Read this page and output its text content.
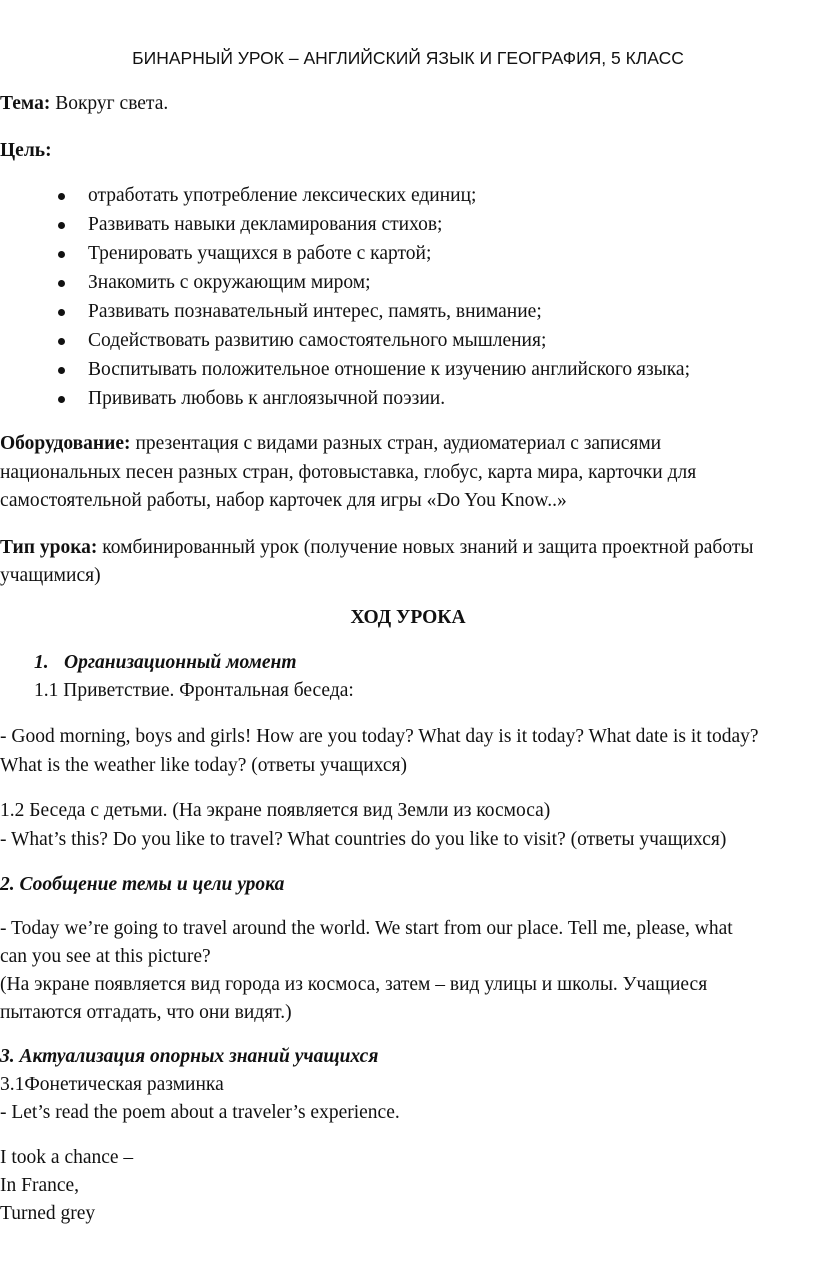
БИНАРНЫЙ УРОК – АНГЛИЙСКИЙ ЯЗЫК И ГЕОГРАФИЯ, 5 КЛАСС
Тема: Вокруг света.
Цель:
отработать употребление лексических единиц;
Развивать навыки декламирования стихов;
Тренировать учащихся в работе с картой;
Знакомить с окружающим миром;
Развивать познавательный интерес, память, внимание;
Содействовать развитию самостоятельного мышления;
Воспитывать положительное отношение к изучению английского языка;
Прививать любовь к англоязычной поэзии.
Оборудование: презентация с видами разных стран, аудиоматериал с записями
национальных песен разных стран, фотовыставка, глобус, карта мира, карточки для
самостоятельной работы, набор карточек для игры «Do You Know..»
Тип урока: комбинированный урок (получение новых знаний и защита проектной работы
учащимися)
ХОД УРОКА
1. Организационный момент
1.1 Приветствие. Фронтальная беседа:
- Good morning, boys and girls! How are you today? What day is it today? What date is it today?
What is the weather like today? (ответы учащихся)
1.2 Беседа с детьми. (На экране появляется вид Земли из космоса)
- What’s this? Do you like to travel? What countries do you like to visit? (ответы учащихся)
2. Сообщение темы и цели урока
- Today we’re going to travel around the world. We start from our place. Tell me, please, what
can you see at this picture?
(На экране появляется вид города из космоса, затем – вид улицы и школы. Учащиеся
пытаются отгадать, что они видят.)
3. Актуализация опорных знаний учащихся
3.1Фонетическая разминка
- Let’s read the poem about a traveler’s experience.
I took a chance –
In France,
Turned grey
